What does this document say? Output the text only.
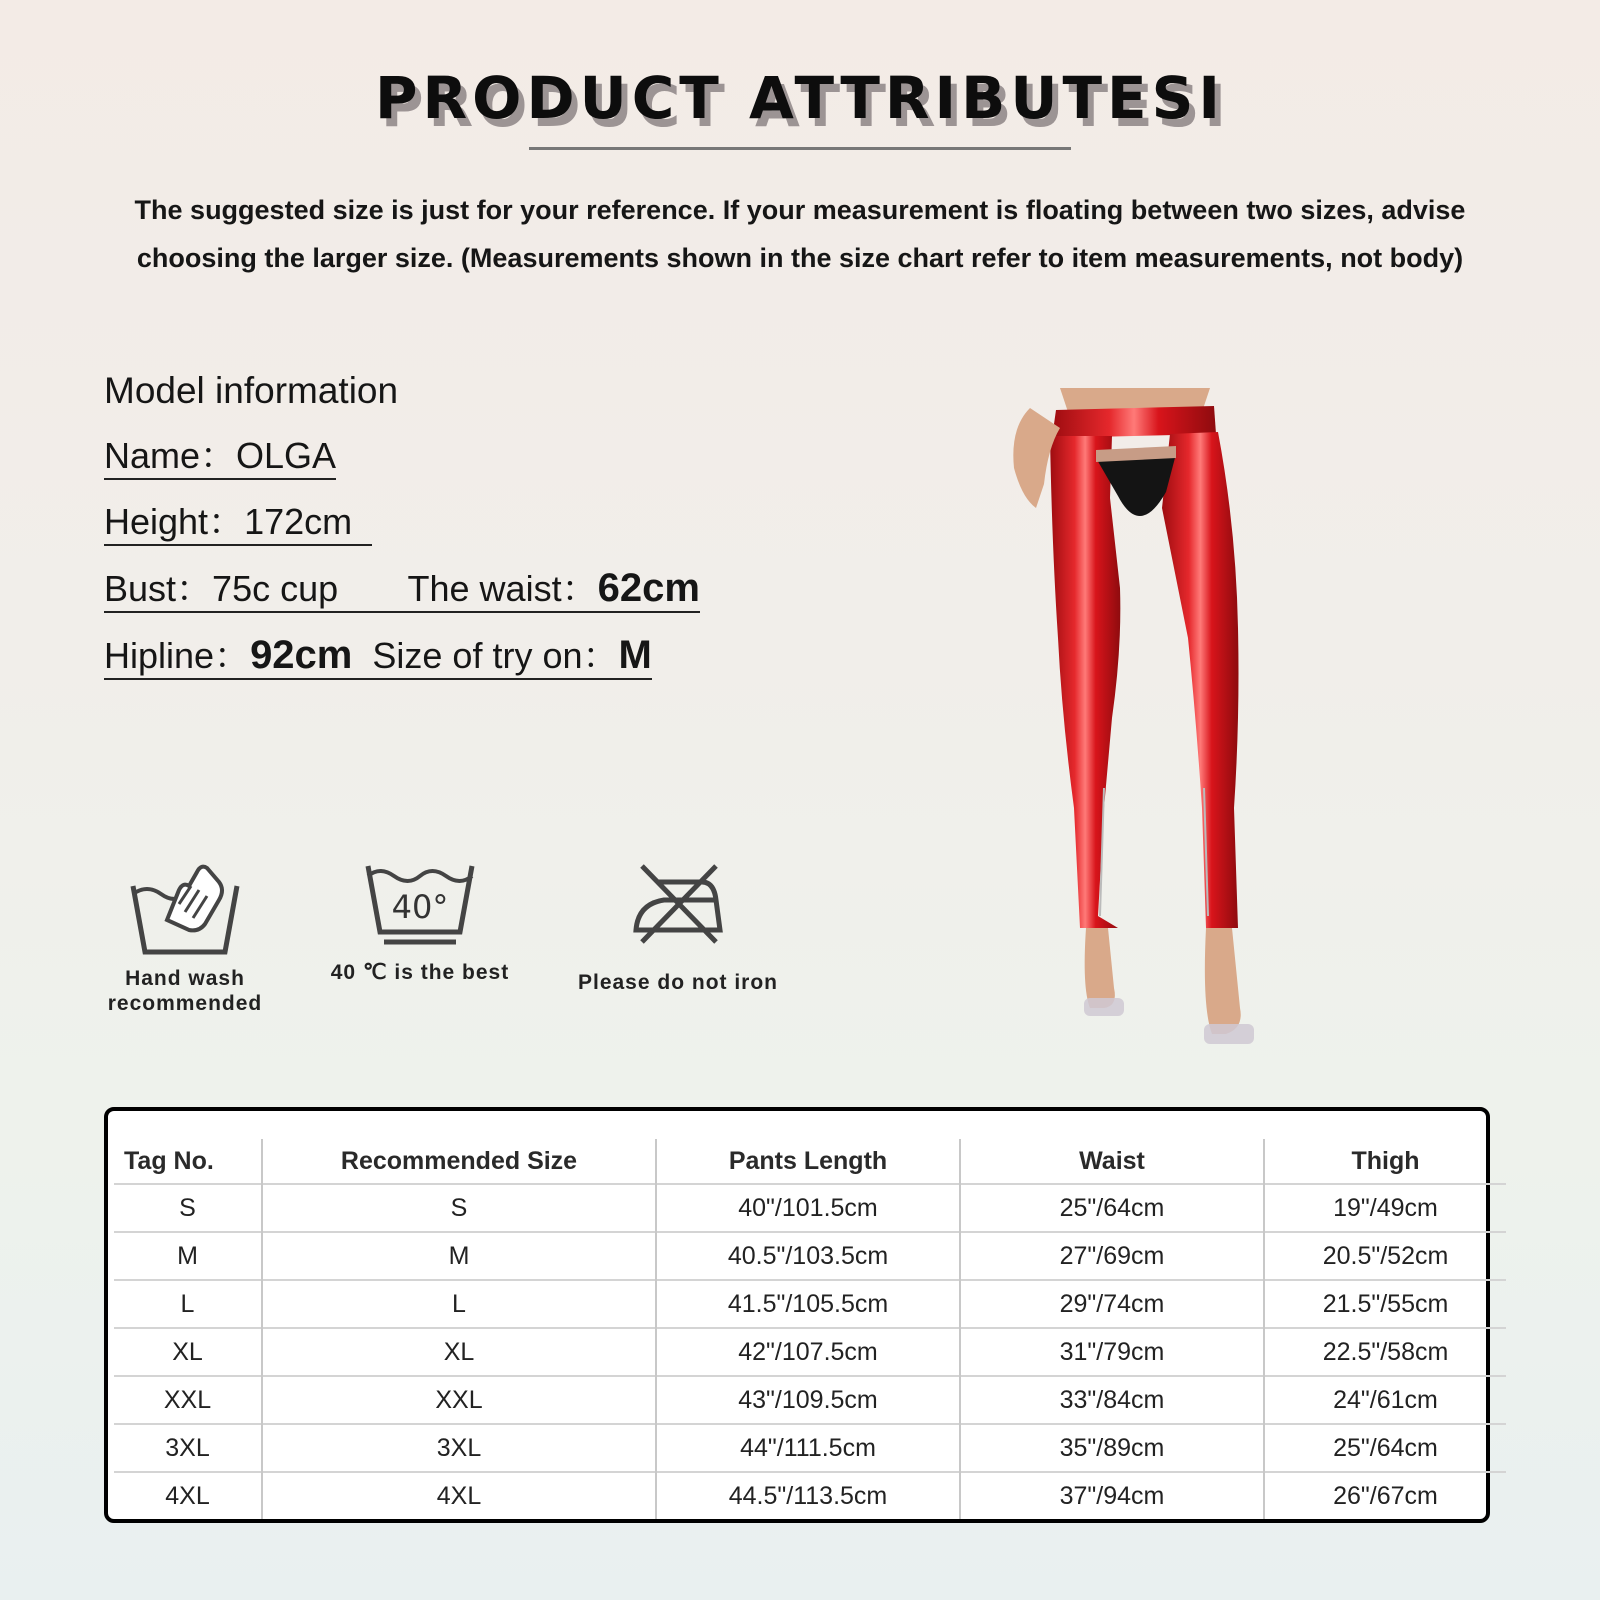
PRODUCT ATTRIBUTESI
The suggested size is just for your reference. If your measurement is floating between two sizes, advise choosing the larger size. (Measurements shown in the size chart refer to item measurements, not body)
Model information
Name：OLGA
Height：172cm
Bust：75c cup The waist：62cm
Hipline：92cm Size of try on：M
Hand wash
recommended
40°
40 ℃ is the best	Please do not iron
Tag No.	Recommended Size	Pants Length	Waist	Thigh
S	S	40"/101.5cm	25"/64cm	19"/49cm
M	M	40.5"/103.5cm	27"/69cm	20.5"/52cm
L	L	41.5"/105.5cm	29"/74cm	21.5"/55cm
XL	XL	42"/107.5cm	31"/79cm	22.5"/58cm
XXL	XXL	43"/109.5cm	33"/84cm	24"/61cm
3XL	3XL	44"/111.5cm	35"/89cm	25"/64cm
4XL	4XL	44.5"/113.5cm	37"/94cm	26"/67cm
